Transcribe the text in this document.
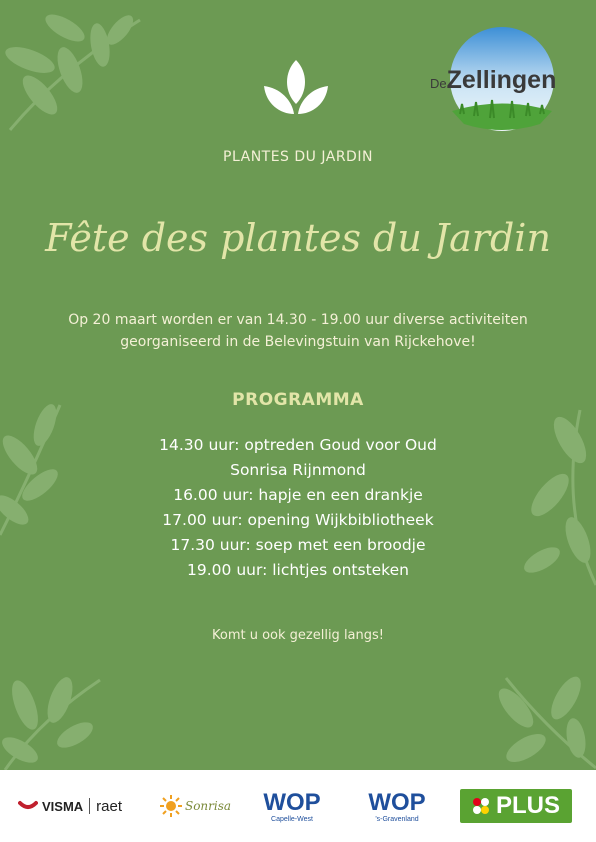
DeZellingen
PLANTES DU JARDIN
Fête des plantes du Jardin
Op 20 maart worden er van 14.30 - 19.00 uur diverse activiteiten
georganiseerd in de Belevingstuin van Rijckehove!
PROGRAMMA
14.30 uur: optreden Goud voor Oud
Sonrisa Rijnmond
16.00 uur: hapje en een drankje
17.00 uur: opening Wijkbibliotheek
17.30 uur: soep met een broodje
19.00 uur: lichtjes ontsteken
Komt u ook gezellig langs!
VISMA raet	Sonrisa WOP
Capelle-West
WOP
's-Gravenland	PLUS
